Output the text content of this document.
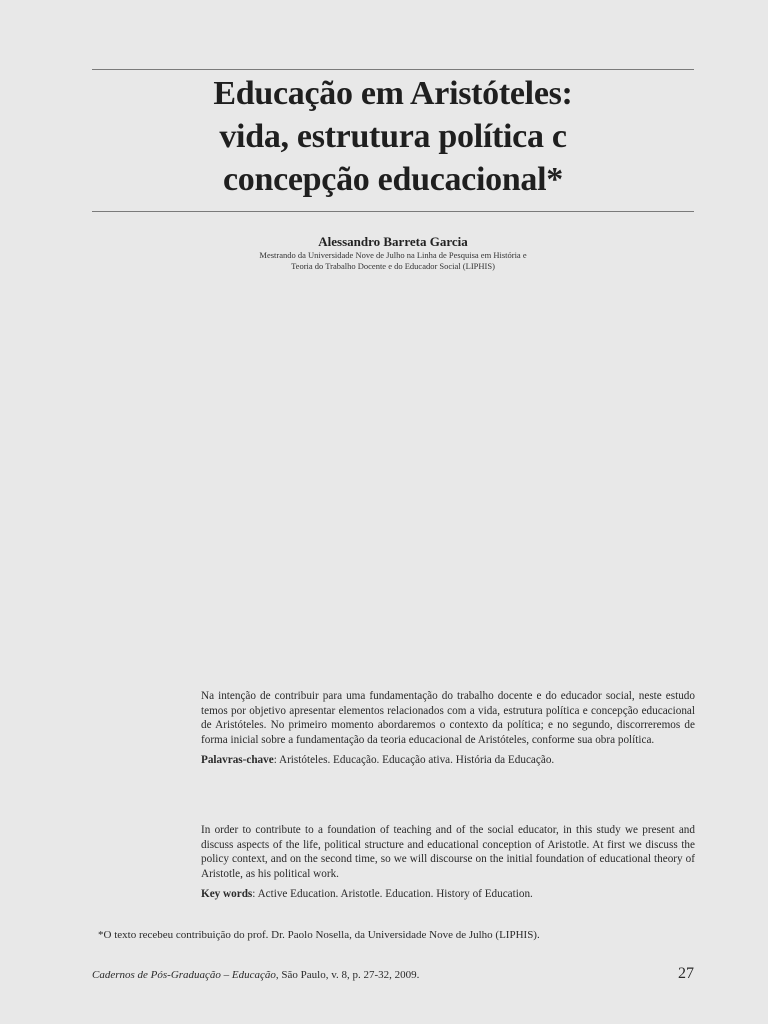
Educação em Aristóteles:
vida, estrutura política c
concepção educacional*
Alessandro Barreta Garcia
Mestrando da Universidade Nove de Julho na Linha de Pesquisa em História e
Teoria do Trabalho Docente e do Educador Social (LIPHIS)

Na intenção de contribuir para uma fundamentação do trabalho docente e do educador social, neste estudo temos por objetivo apresentar elementos relacionados com a vida, estrutura política e concepção educacional de Aristóteles. No primeiro momento abordaremos o contexto da política; e no segundo, discorreremos de forma inicial sobre a fundamentação da teoria educacional de Aristóteles, conforme sua obra política.

Palavras-chave: Aristóteles. Educação. Educação ativa. História da Educação.

In order to contribute to a foundation of teaching and of the social educator, in this study we present and discuss aspects of the life, political structure and educational conception of Aristotle. At first we discuss the policy context, and on the second time, so we will discourse on the initial foundation of educational theory of Aristotle, as his political work.

Key words: Active Education. Aristotle. Education. History of Education.

*O texto recebeu contribuição do prof. Dr. Paolo Nosella, da Universidade Nove de Julho (LIPHIS).
Cadernos de Pós-Graduação – Educação, São Paulo, v. 8, p. 27-32, 2009.	27
